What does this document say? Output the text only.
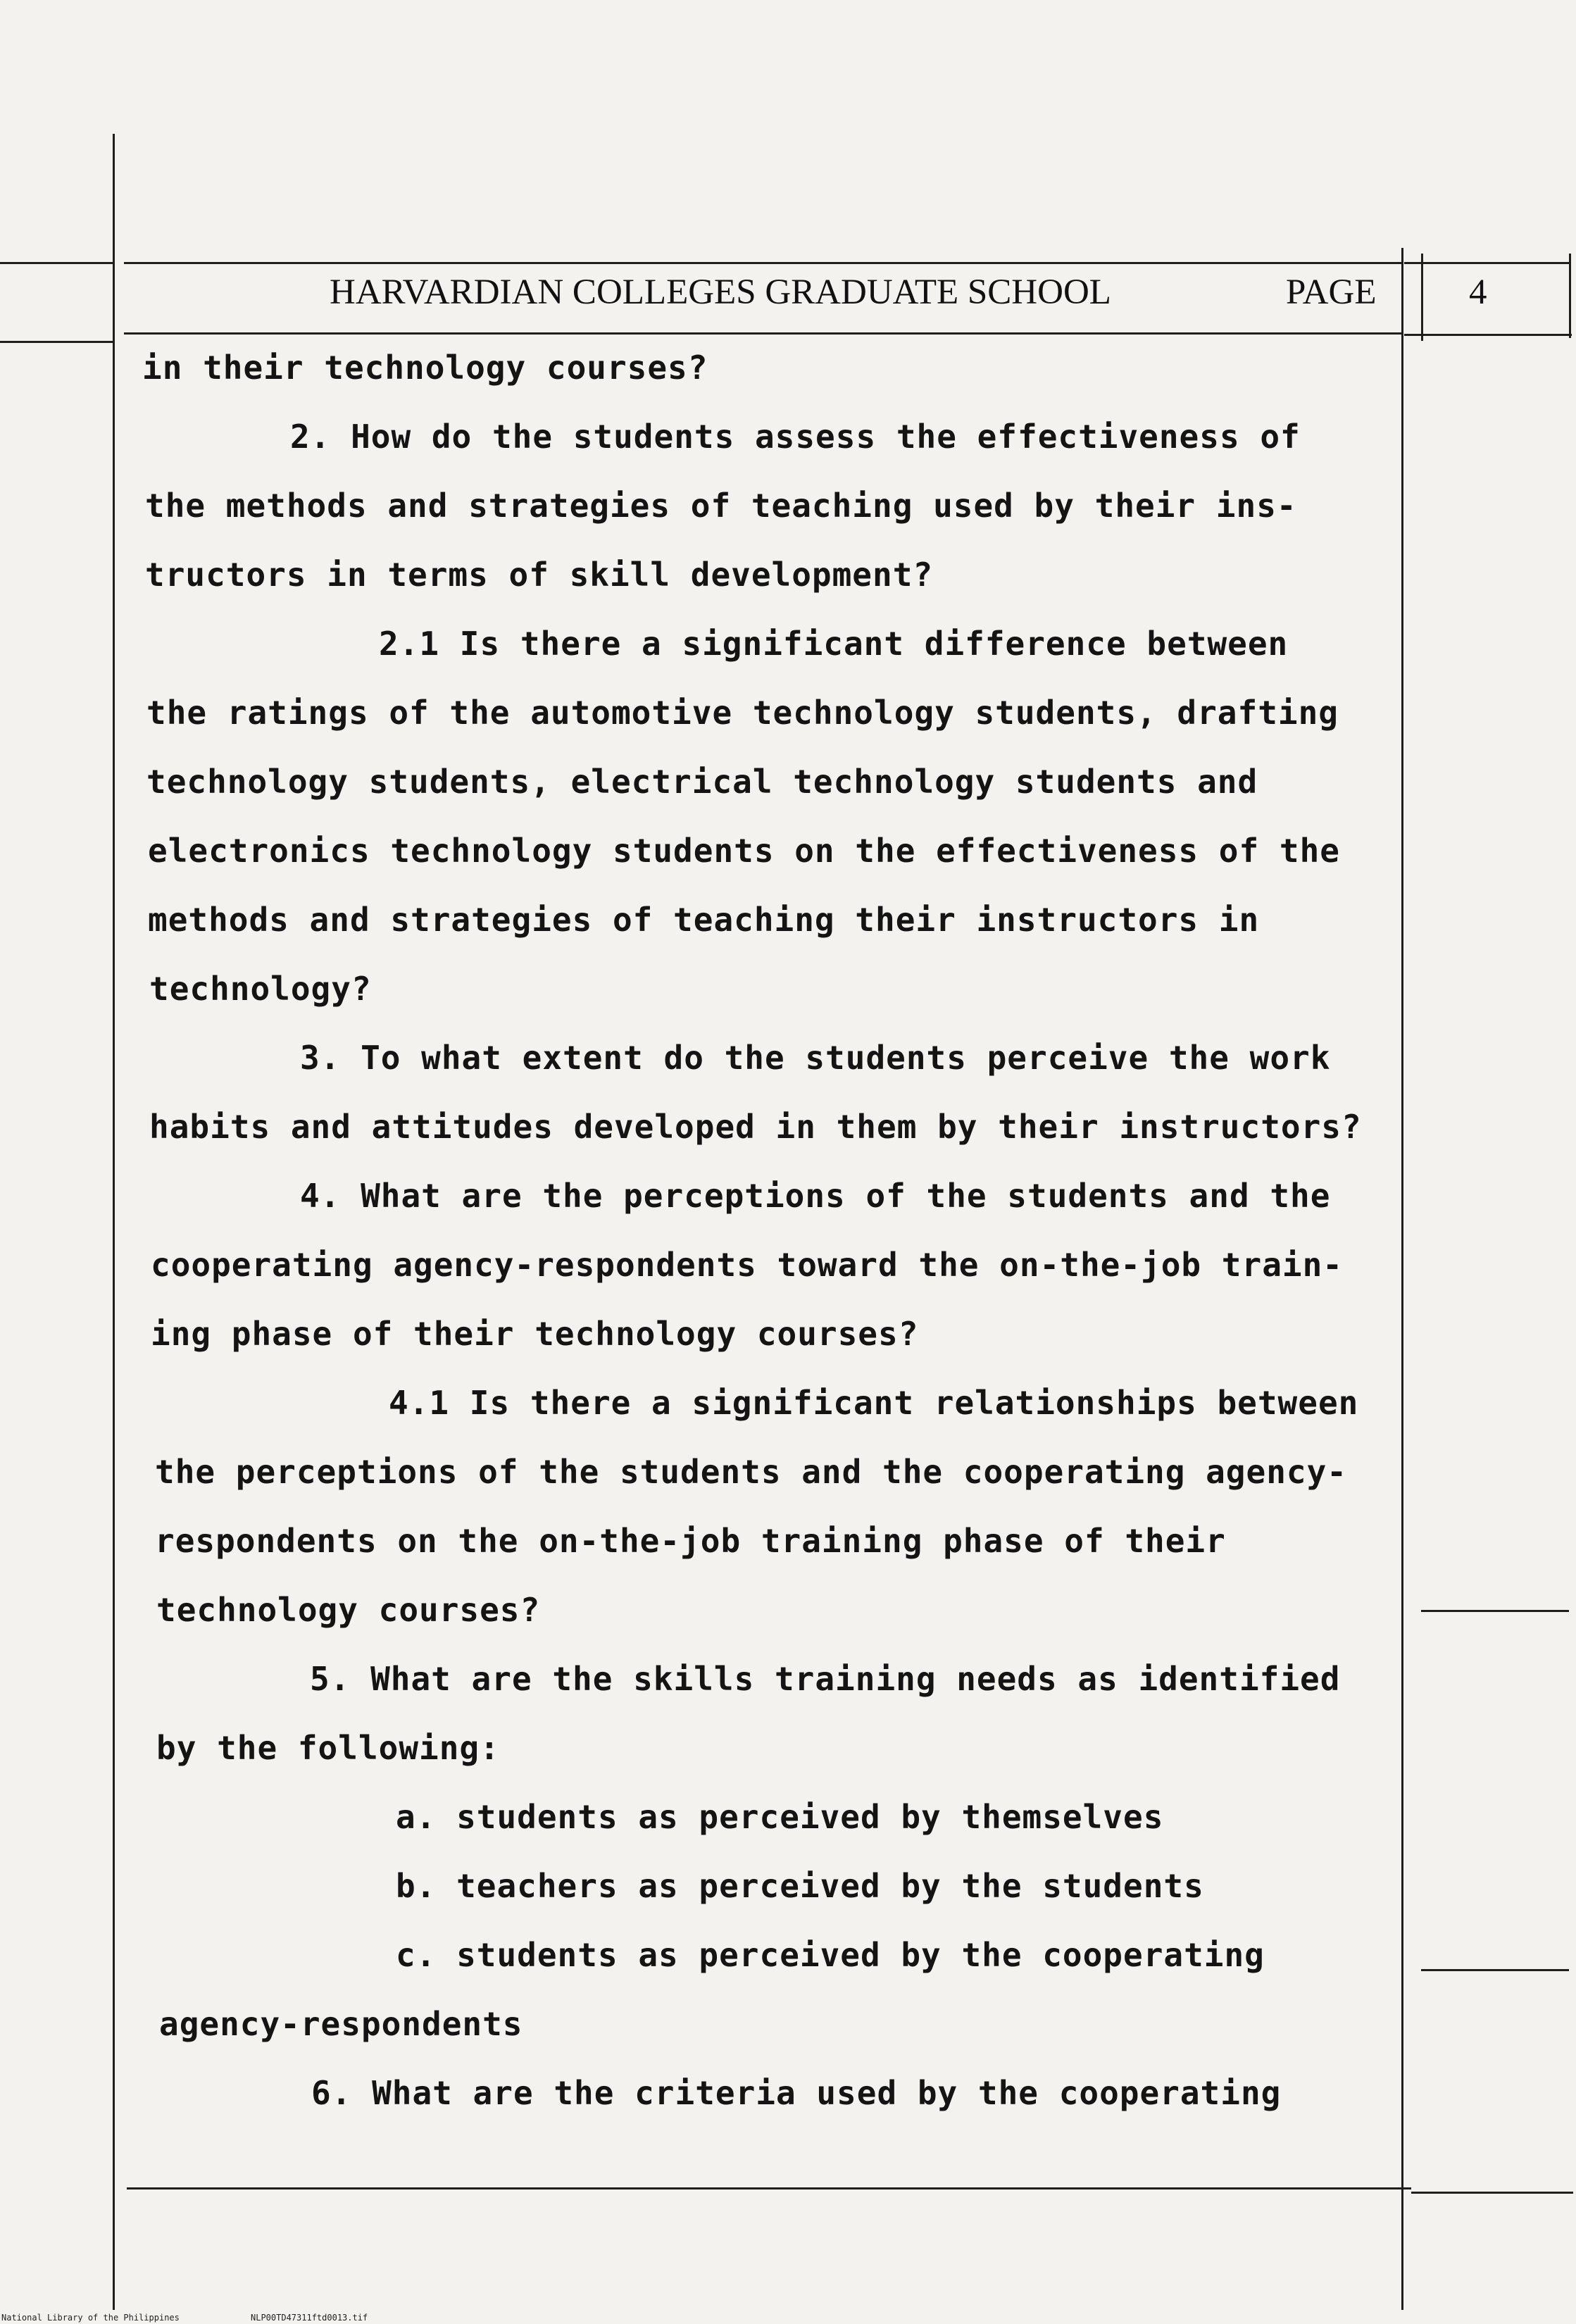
HARVARDIAN COLLEGES GRADUATE SCHOOL	PAGE	4
in their technology courses?
2. How do the students assess the effectiveness of
the methods and strategies of teaching used by their ins-
tructors in terms of skill development?
2.1 Is there a significant difference between
the ratings of the automotive technology students, drafting
technology students, electrical technology students and
electronics technology students on the effectiveness of the
methods and strategies of teaching their instructors in
technology?
3. To what extent do the students perceive the work
habits and attitudes developed in them by their instructors?
4. What are the perceptions of the students and the
cooperating agency-respondents toward the on-the-job train-
ing phase of their technology courses?
4.1 Is there a significant relationships between
the perceptions of the students and the cooperating agency-
respondents on the on-the-job training phase of their
technology courses?
5. What are the skills training needs as identified
by the following:
a. students as perceived by themselves
b. teachers as perceived by the students
c. students as perceived by the cooperating
agency-respondents
6. What are the criteria used by the cooperating
National Library of the Philippines	NLP00TD47311ftd0013.tif
